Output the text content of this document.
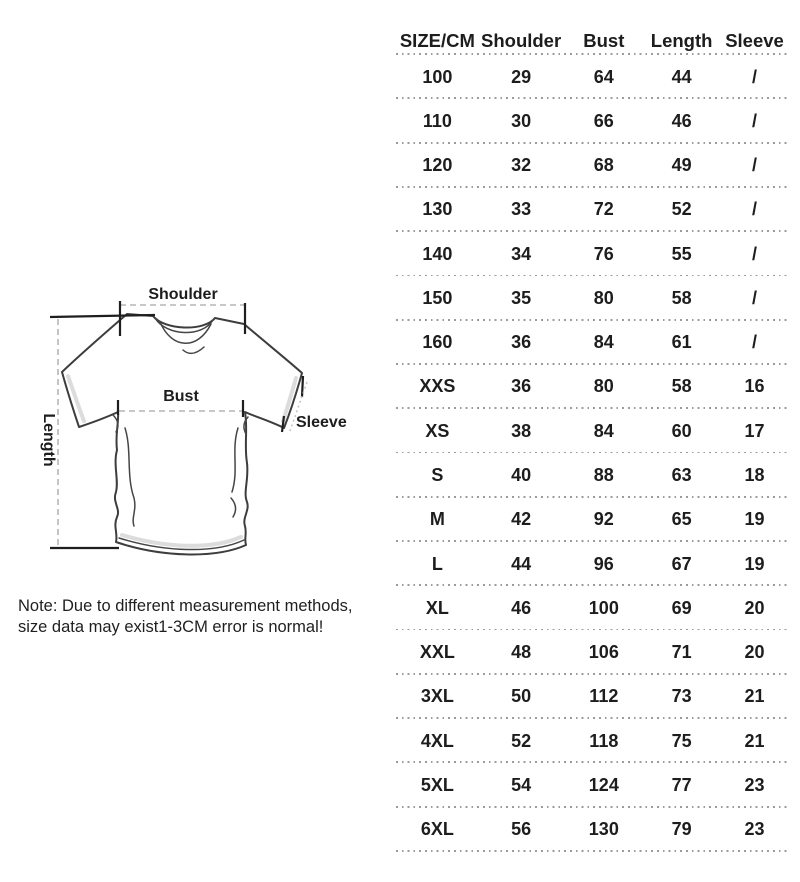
Shoulder
Bust
Length	Sleeve
Note: Due to different measurement methods,
size data may exist1-3CM error is normal!
SIZE/CM Shoulder	Bust	Length Sleeve
100	29	64	44	/
110	30	66	46	/
120	32	68	49	/
130	33	72	52	/
140	34	76	55	/
150	35	80	58	/
160	36	84	61	/
XXS	36	80	58	16
XS	38	84	60	17
S	40	88	63	18
M	42	92	65	19
L	44	96	67	19
XL	46	100	69	20
XXL	48	106	71	20
3XL	50	112	73	21
4XL	52	118	75	21
5XL	54	124	77	23
6XL	56	130	79	23
